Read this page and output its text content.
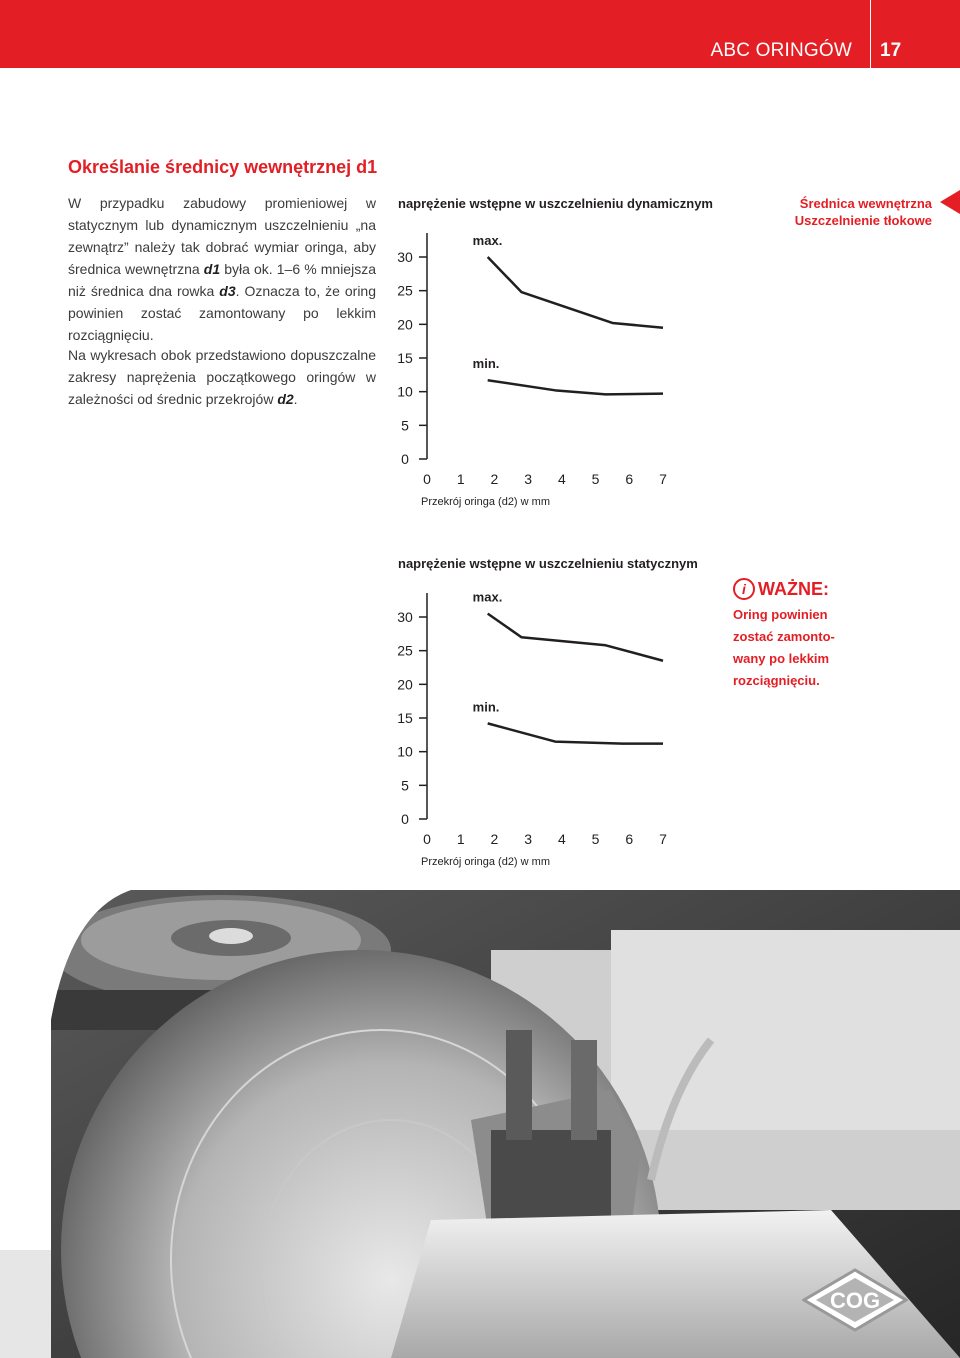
ABC ORINGÓW 17
Określanie średnicy wewnętrznej d1
W przypadku zabudowy promieniowej w statycznym lub dynamicznym uszczelnieniu „na zewnątrz” należy tak dobrać wymiar oringa, aby średnica wewnętrzna d1 była ok. 1–6 % mniejsza niż średnica dna rowka d3. Oznacza to, że oring powinien zostać zamontowany po lekkim rozciągnięciu.
Na wykresach obok przedstawiono dopuszczalne zakresy naprężenia początkowego oringów w zależności od średnic przekrojów d2.
Średnica wewnętrzna
Uszczelnienie tłokowe
naprężenie wstępne w uszczelnieniu dynamicznym
0
5
10
15
20
25
30
0 1 2 3 4 5 6 7
Przekrój oringa (d2) w mm
max.
min.
naprężenie wstępne w uszczelnieniu statycznym
0
5
10
15
20
25
30
0 1 2 3 4 5 6 7
Przekrój oringa (d2) w mm
max.
min.
i WAŻNE:
Oring powinien
zostać zamonto-
wany po lekkim
rozciągnięciu.
COG
